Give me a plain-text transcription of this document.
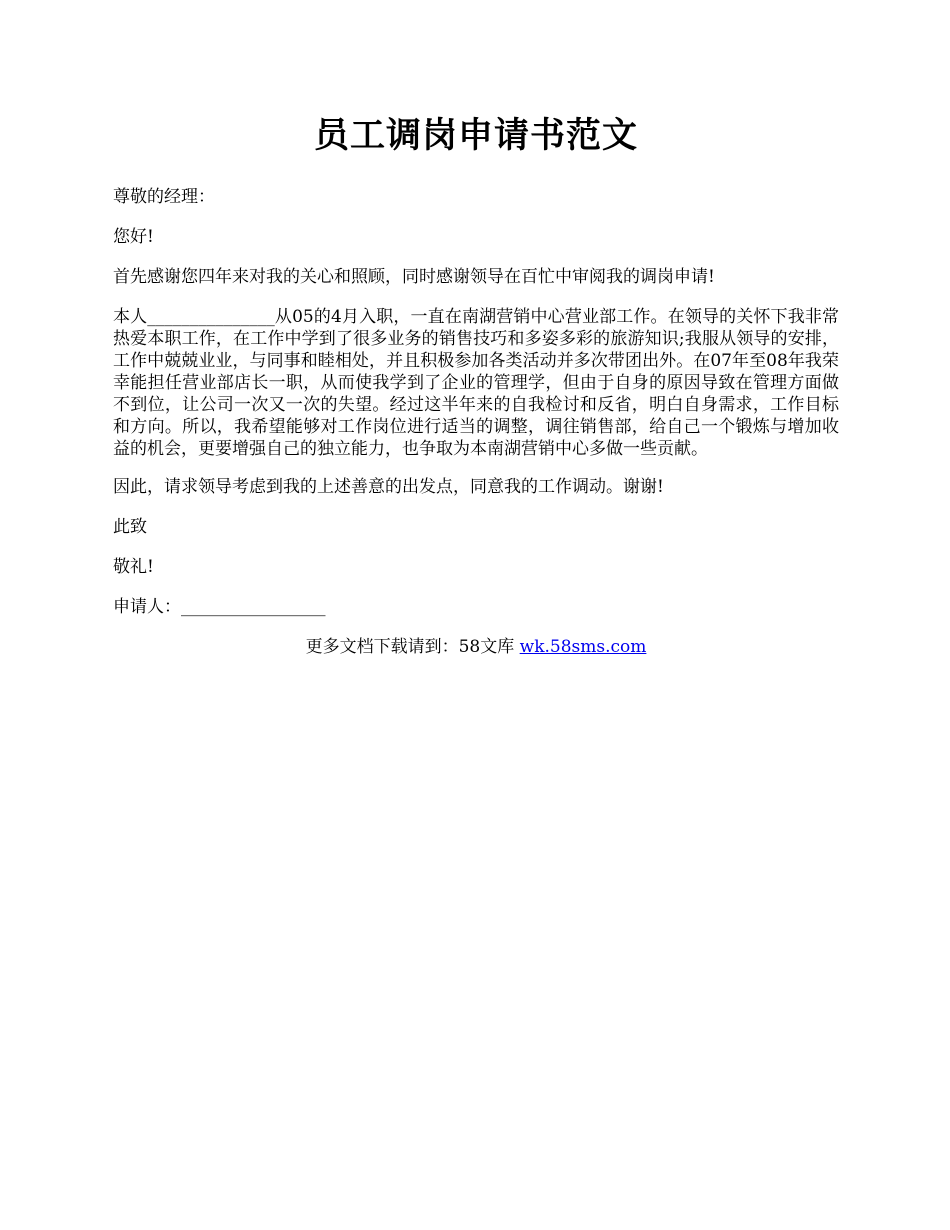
员工调岗申请书范文

尊敬的经理：

您好!

首先感谢您四年来对我的关心和照顾，同时感谢领导在百忙中审阅我的调岗申请!

本人_______________从05的4月入职，一直在南湖营销中心营业部工作。在领导的关怀下我非常热爱本职工作，在工作中学到了很多业务的销售技巧和多姿多彩的旅游知识;我服从领导的安排，工作中兢兢业业，与同事和睦相处，并且积极参加各类活动并多次带团出外。在07年至08年我荣幸能担任营业部店长一职，从而使我学到了企业的管理学，但由于自身的原因导致在管理方面做不到位，让公司一次又一次的失望。经过这半年来的自我检讨和反省，明白自身需求，工作目标和方向。所以，我希望能够对工作岗位进行适当的调整，调往销售部，给自己一个锻炼与增加收益的机会，更要增强自己的独立能力，也争取为本南湖营销中心多做一些贡献。

因此，请求领导考虑到我的上述善意的出发点，同意我的工作调动。谢谢!

此致

敬礼!

申请人：_________________

更多文档下载请到：58文库 wk.58sms.com
